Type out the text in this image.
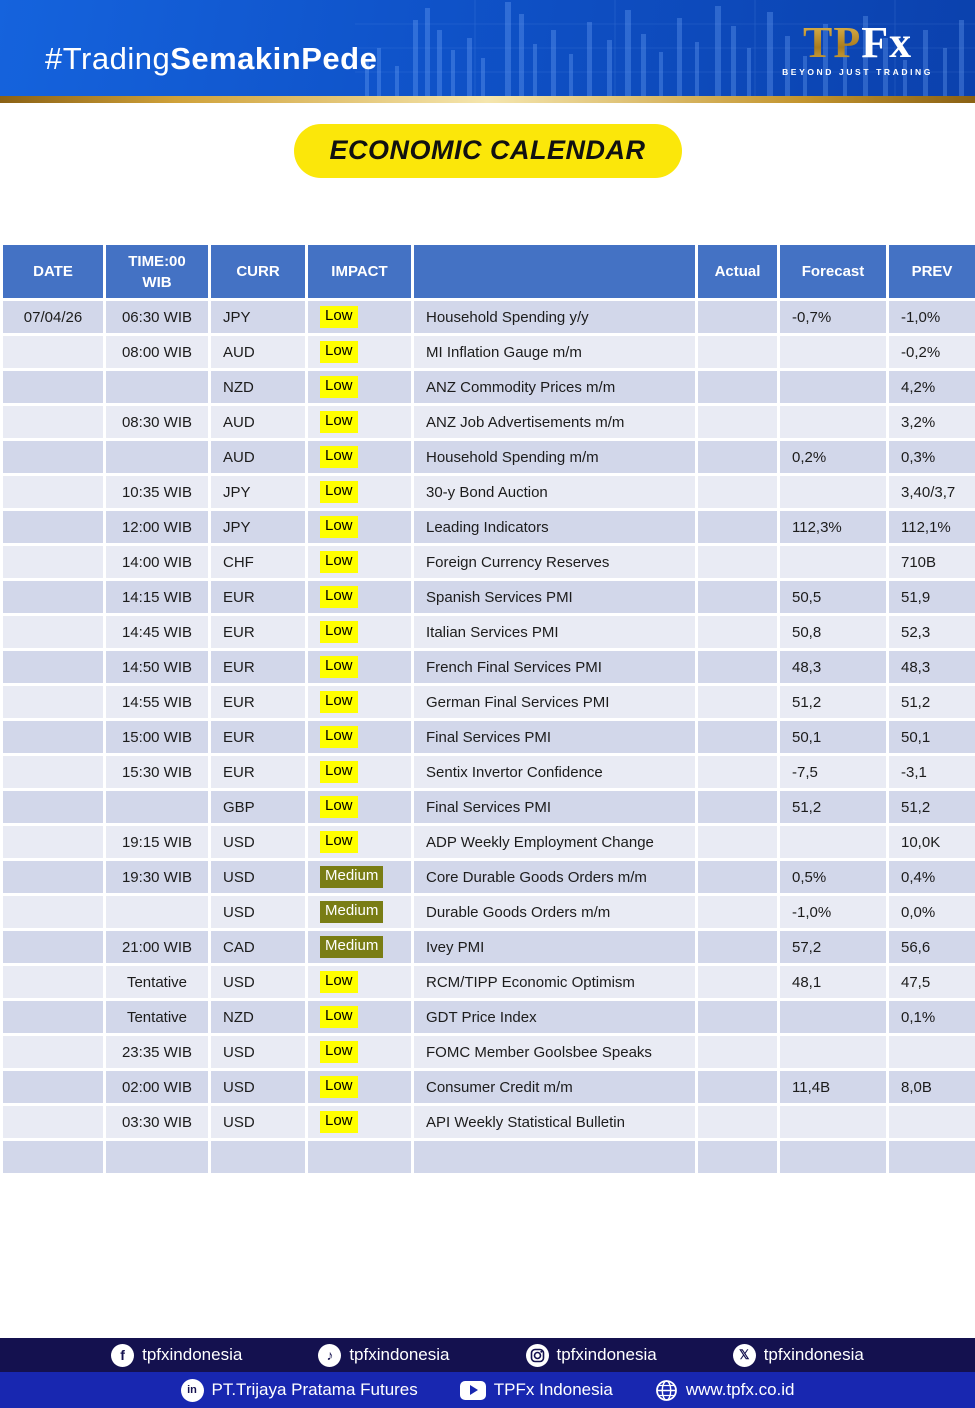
#TradingSemakinPede	TPFx
BEYOND JUST TRADING
ECONOMIC CALENDAR
DATE	TIME:00 WIB	CURR	IMPACT		Actual	Forecast	PREV
07/04/26	06:30 WIB	JPY	Low	Household Spending y/y		-0,7%	-1,0%
	08:00 WIB	AUD	Low	MI Inflation Gauge m/m			-0,2%
		NZD	Low	ANZ Commodity Prices m/m			4,2%
	08:30 WIB	AUD	Low	ANZ Job Advertisements m/m			3,2%
		AUD	Low	Household Spending m/m		0,2%	0,3%
	10:35 WIB	JPY	Low	30-y Bond Auction			3,40/3,7
	12:00 WIB	JPY	Low	Leading Indicators		112,3%	112,1%
	14:00 WIB	CHF	Low	Foreign Currency Reserves			710B
	14:15 WIB	EUR	Low	Spanish Services PMI		50,5	51,9
	14:45 WIB	EUR	Low	Italian Services PMI		50,8	52,3
	14:50 WIB	EUR	Low	French Final Services PMI		48,3	48,3
	14:55 WIB	EUR	Low	German Final Services PMI		51,2	51,2
	15:00 WIB	EUR	Low	Final Services PMI		50,1	50,1
	15:30 WIB	EUR	Low	Sentix Invertor Confidence		-7,5	-3,1
		GBP	Low	Final Services PMI		51,2	51,2
	19:15 WIB	USD	Low	ADP Weekly Employment Change			10,0K
	19:30 WIB	USD	Medium	Core Durable Goods Orders m/m		0,5%	0,4%
		USD	Medium	Durable Goods Orders m/m		-1,0%	0,0%
	21:00 WIB	CAD	Medium	Ivey PMI		57,2	56,6
	Tentative	USD	Low	RCM/TIPP Economic Optimism		48,1	47,5
	Tentative	NZD	Low	GDT Price Index			0,1%
	23:35 WIB	USD	Low	FOMC Member Goolsbee Speaks			
	02:00 WIB	USD	Low	Consumer Credit m/m		11,4B	8,0B
	03:30 WIB	USD	Low	API Weekly Statistical Bulletin			

f	tpfxindonesia	♪ tpfxindonesia	tpfxindonesia	𝕏 tpfxindonesia
in PT.Trijaya Pratama Futures	TPFx Indonesia	www.tpfx.co.id
